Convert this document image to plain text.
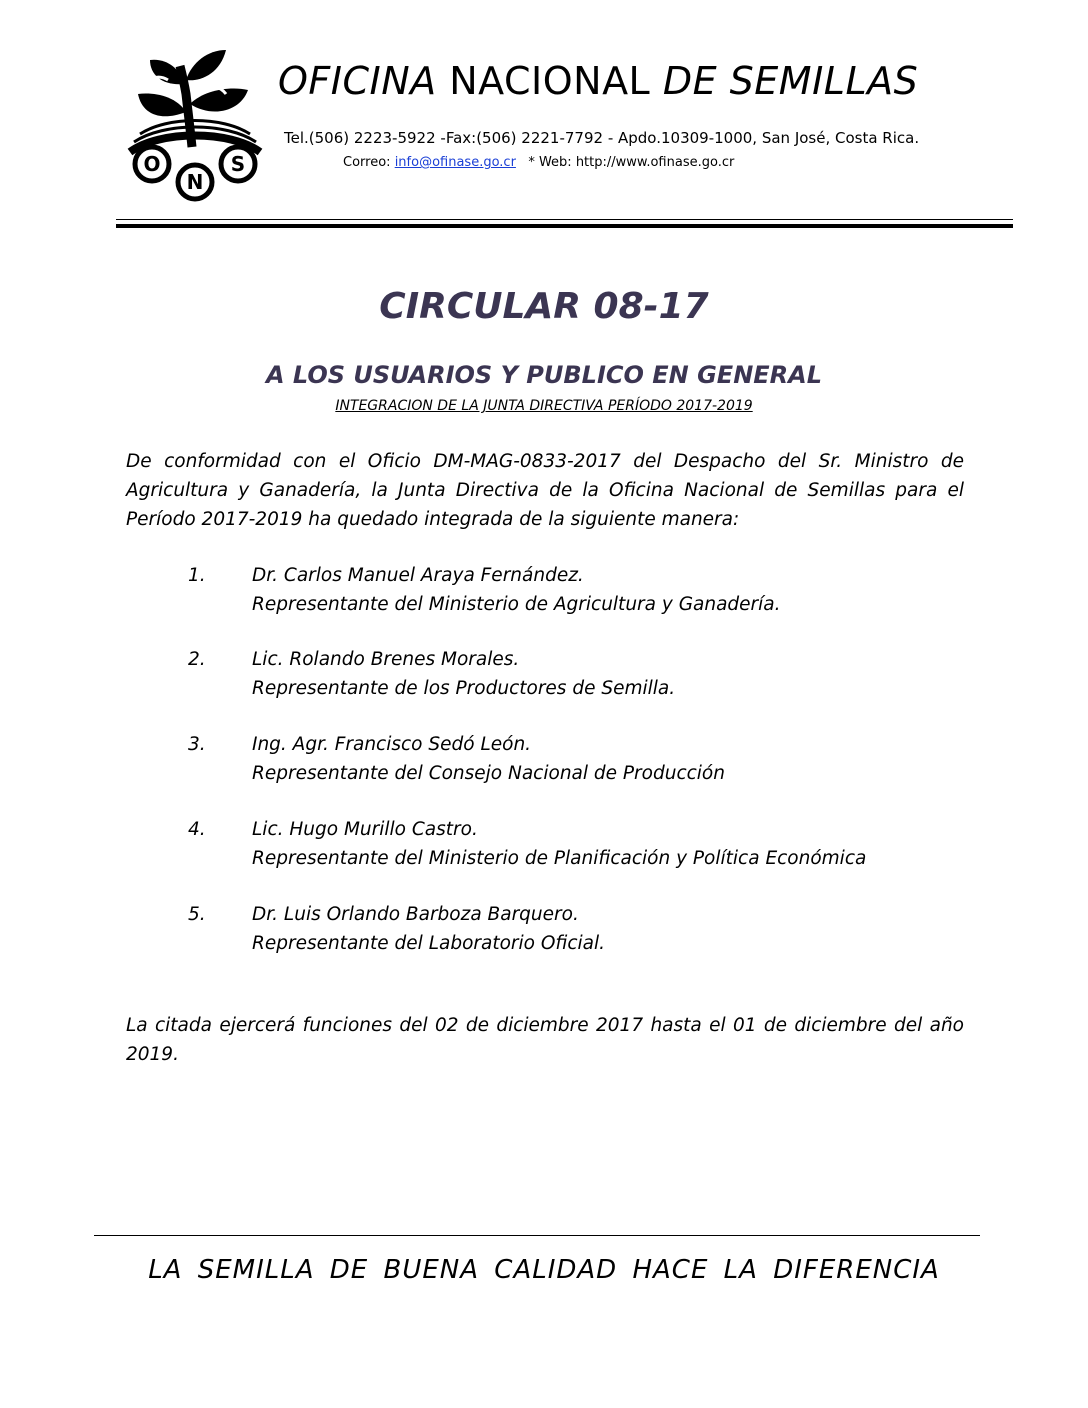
O
N
S
OFICINA NACIONAL DE SEMILLAS
Tel.(506) 2223-5922 -Fax:(506) 2221-7792 - Apdo.10309-1000, San José, Costa Rica.
Correo: info@ofinase.go.cr * Web: http://www.ofinase.go.cr
CIRCULAR 08-17
A LOS USUARIOS Y PUBLICO EN GENERAL
INTEGRACION DE LA JUNTA DIRECTIVA PERÍODO 2017-2019
De conformidad con el Oficio DM-MAG-0833-2017 del Despacho del Sr. Ministro de Agricultura y Ganadería, la Junta Directiva de la Oficina Nacional de Semillas para el Período 2017-2019 ha quedado integrada de la siguiente manera:
1.	Dr. Carlos Manuel Araya Fernández.
Representante del Ministerio de Agricultura y Ganadería.
2.	Lic. Rolando Brenes Morales.
Representante de los Productores de Semilla.
3.	Ing. Agr. Francisco Sedó León.
Representante del Consejo Nacional de Producción
4.	Lic. Hugo Murillo Castro.
Representante del Ministerio de Planificación y Política Económica
5.	Dr. Luis Orlando Barboza Barquero.
Representante del Laboratorio Oficial.
La citada ejercerá funciones del 02 de diciembre 2017 hasta el 01 de diciembre del año 2019.
LA SEMILLA DE BUENA CALIDAD HACE LA DIFERENCIA
